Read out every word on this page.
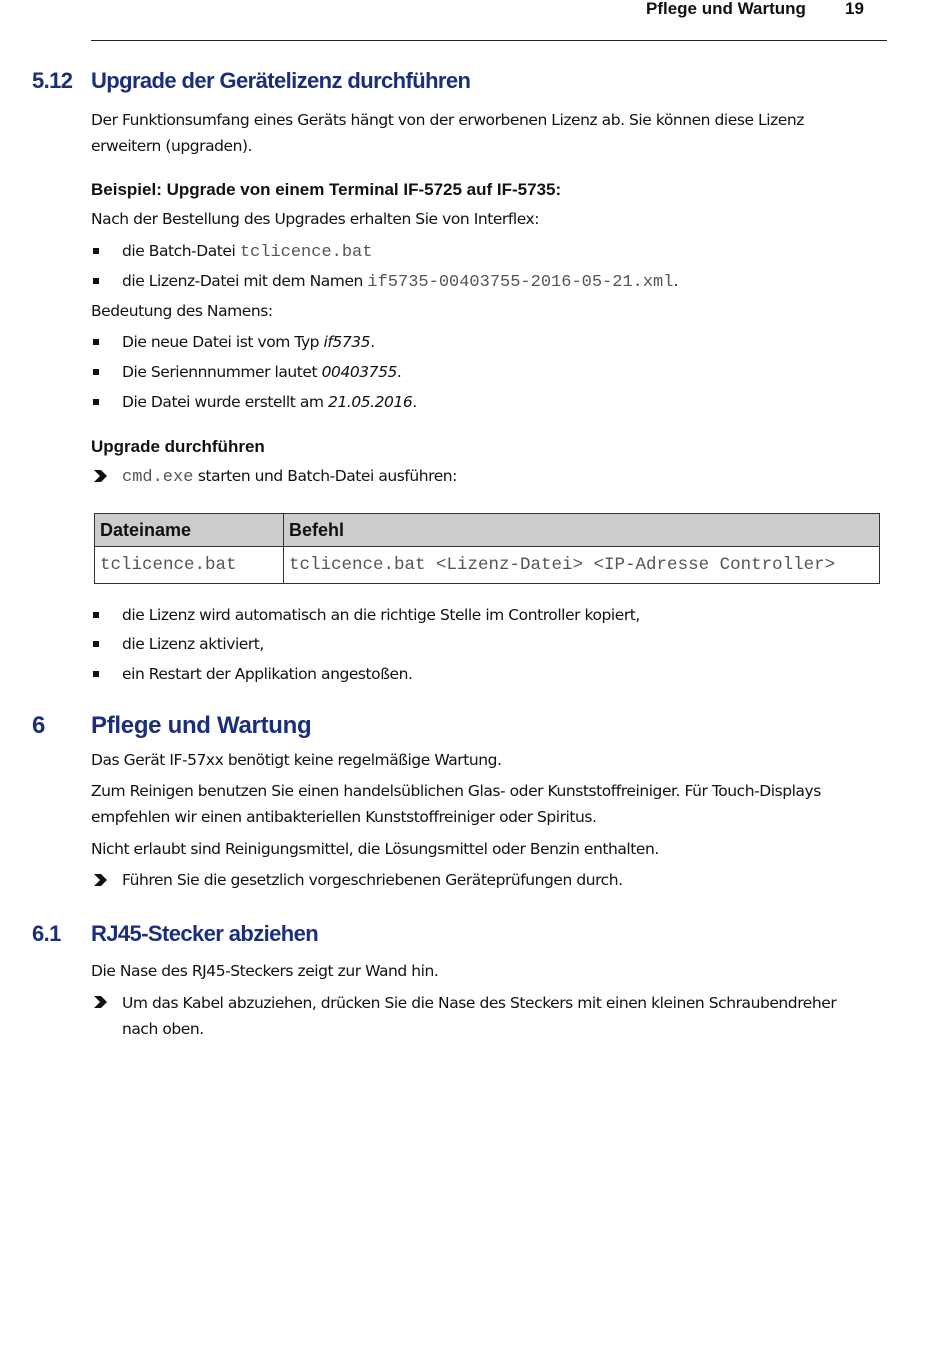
Pflege und Wartung 19
5.12 Upgrade der Gerätelizenz durchführen
Der Funktionsumfang eines Geräts hängt von der erworbenen Lizenz ab. Sie können diese Lizenz erweitern (upgraden).
Beispiel: Upgrade von einem Terminal IF-5725 auf IF-5735:
Nach der Bestellung des Upgrades erhalten Sie von Interflex:
die Batch-Datei tclicence.bat
die Lizenz-Datei mit dem Namen if5735-00403755-2016-05-21.xml.
Bedeutung des Namens:
Die neue Datei ist vom Typ if5735.
Die Seriennnummer lautet 00403755.
Die Datei wurde erstellt am 21.05.2016.
Upgrade durchführen
cmd.exe starten und Batch-Datei ausführen:
Dateiname	Befehl
tclicence.bat	tclicence.bat <Lizenz-Datei> <IP-Adresse Controller>
die Lizenz wird automatisch an die richtige Stelle im Controller kopiert,
die Lizenz aktiviert,
ein Restart der Applikation angestoßen.
6 Pflege und Wartung
Das Gerät IF-57xx benötigt keine regelmäßige Wartung.
Zum Reinigen benutzen Sie einen handelsüblichen Glas- oder Kunststoffreiniger. Für Touch-Displays empfehlen wir einen antibakteriellen Kunststoffreiniger oder Spiritus.
Nicht erlaubt sind Reinigungsmittel, die Lösungsmittel oder Benzin enthalten.
Führen Sie die gesetzlich vorgeschriebenen Geräteprüfungen durch.
6.1 RJ45-Stecker abziehen
Die Nase des RJ45-Steckers zeigt zur Wand hin.
Um das Kabel abzuziehen, drücken Sie die Nase des Steckers mit einen kleinen Schraubendreher nach oben.
